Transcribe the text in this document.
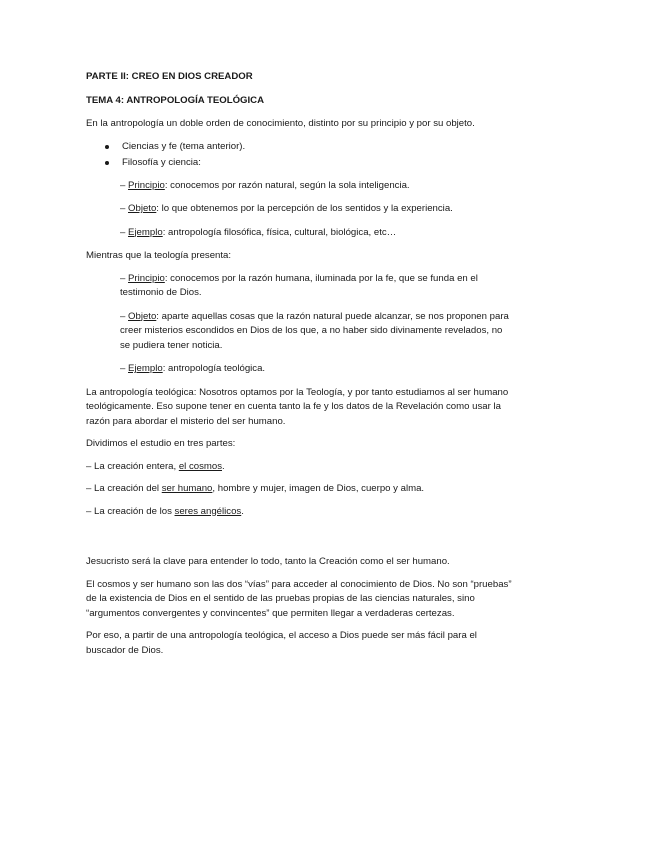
PARTE II: CREO EN DIOS CREADOR

TEMA 4: ANTROPOLOGÍA TEOLÓGICA

En la antropología un doble orden de conocimiento, distinto por su principio y por su objeto.

Ciencias y fe (tema anterior).
Filosofía y ciencia:

– Principio: conocemos por razón natural, según la sola inteligencia.

– Objeto: lo que obtenemos por la percepción de los sentidos y la experiencia.

– Ejemplo: antropología filosófica, física, cultural, biológica, etc…

Mientras que la teología presenta:

– Principio: conocemos por la razón humana, iluminada por la fe, que se funda en el testimonio de Dios.

– Objeto: aparte aquellas cosas que la razón natural puede alcanzar, se nos proponen para creer misterios escondidos en Dios de los que, a no haber sido divinamente revelados, no se pudiera tener noticia.

– Ejemplo: antropología teológica.

La antropología teológica: Nosotros optamos por la Teología, y por tanto estudiamos al ser humano teológicamente. Eso supone tener en cuenta tanto la fe y los datos de la Revelación como usar la razón para abordar el misterio del ser humano.

Dividimos el estudio en tres partes:

– La creación entera, el cosmos.

– La creación del ser humano, hombre y mujer, imagen de Dios, cuerpo y alma.

– La creación de los seres angélicos.

Jesucristo será la clave para entender lo todo, tanto la Creación como el ser humano.

El cosmos y ser humano son las dos “vías” para acceder al conocimiento de Dios. No son “pruebas” de la existencia de Dios en el sentido de las pruebas propias de las ciencias naturales, sino “argumentos convergentes y convincentes” que permiten llegar a verdaderas certezas.

Por eso, a partir de una antropología teológica, el acceso a Dios puede ser más fácil para el buscador de Dios.
